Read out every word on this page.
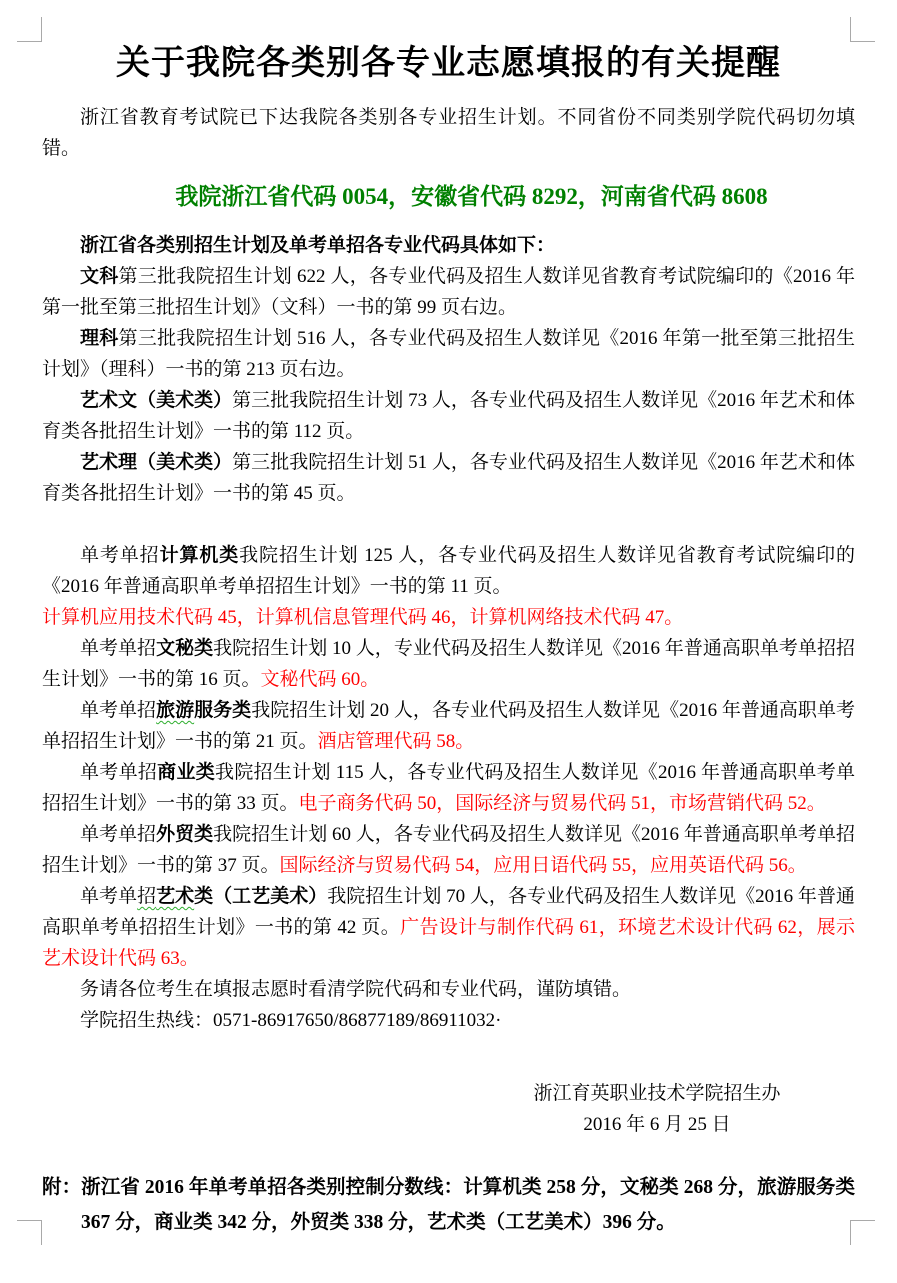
关于我院各类别各专业志愿填报的有关提醒

浙江省教育考试院已下达我院各类别各专业招生计划。不同省份不同类别学院代码切勿填错。

我院浙江省代码 0054，安徽省代码 8292，河南省代码 8608

浙江省各类别招生计划及单考单招各专业代码具体如下：

文科第三批我院招生计划 622 人，各专业代码及招生人数详见省教育考试院编印的《2016 年第一批至第三批招生计划》（文科）一书的第 99 页右边。

理科第三批我院招生计划 516 人，各专业代码及招生人数详见《2016 年第一批至第三批招生计划》（理科）一书的第 213 页右边。

艺术文（美术类）第三批我院招生计划 73 人，各专业代码及招生人数详见《2016 年艺术和体育类各批招生计划》一书的第 112 页。

艺术理（美术类）第三批我院招生计划 51 人，各专业代码及招生人数详见《2016 年艺术和体育类各批招生计划》一书的第 45 页。

单考单招计算机类我院招生计划 125 人，各专业代码及招生人数详见省教育考试院编印的《2016 年普通高职单考单招招生计划》一书的第 11 页。

计算机应用技术代码 45，计算机信息管理代码 46，计算机网络技术代码 47。

单考单招文秘类我院招生计划 10 人，专业代码及招生人数详见《2016 年普通高职单考单招招生计划》一书的第 16 页。文秘代码 60。

单考单招旅游服务类我院招生计划 20 人，各专业代码及招生人数详见《2016 年普通高职单考单招招生计划》一书的第 21 页。酒店管理代码 58。

单考单招商业类我院招生计划 115 人，各专业代码及招生人数详见《2016 年普通高职单考单招招生计划》一书的第 33 页。电子商务代码 50，国际经济与贸易代码 51，市场营销代码 52。

单考单招外贸类我院招生计划 60 人，各专业代码及招生人数详见《2016 年普通高职单考单招招生计划》一书的第 37 页。国际经济与贸易代码 54，应用日语代码 55，应用英语代码 56。

单考单招艺术类（工艺美术）我院招生计划 70 人，各专业代码及招生人数详见《2016 年普通高职单考单招招生计划》一书的第 42 页。广告设计与制作代码 61，环境艺术设计代码 62，展示艺术设计代码 63。

务请各位考生在填报志愿时看清学院代码和专业代码，谨防填错。

学院招生热线：0571-86917650/86877189/86911032·

浙江育英职业技术学院招生办

2016 年 6 月 25 日

附：浙江省 2016 年单考单招各类别控制分数线：计算机类 258 分，文秘类 268 分，旅游服务类 367 分，商业类 342 分，外贸类 338 分，艺术类（工艺美术）396 分。
